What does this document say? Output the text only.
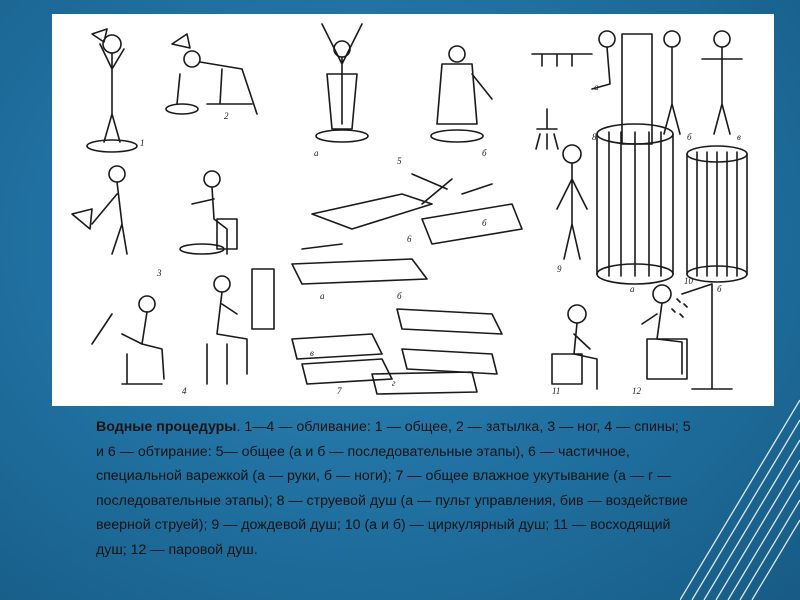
1
2
а	б
5
6
б
а
б	в
8
3
4
а	б
в
г
7
9
а
10
б
11	12
Водные процедуры. 1—4 — обливание: 1 — общее, 2 — затылка, 3 — ног, 4 — спины; 5 и 6 — обтирание: 5— общее (а и б — последовательные этапы), 6 — частичное, специальной варежкой (а — руки, б — ноги); 7 — общее влажное укутывание (а — г — последовательные этапы); 8 — струевой душ (а — пульт управления, бив — воздействие веерной струей); 9 — дождевой душ; 10 (а и б) — циркулярный душ; 11 — восходящий душ; 12 — паровой душ.
